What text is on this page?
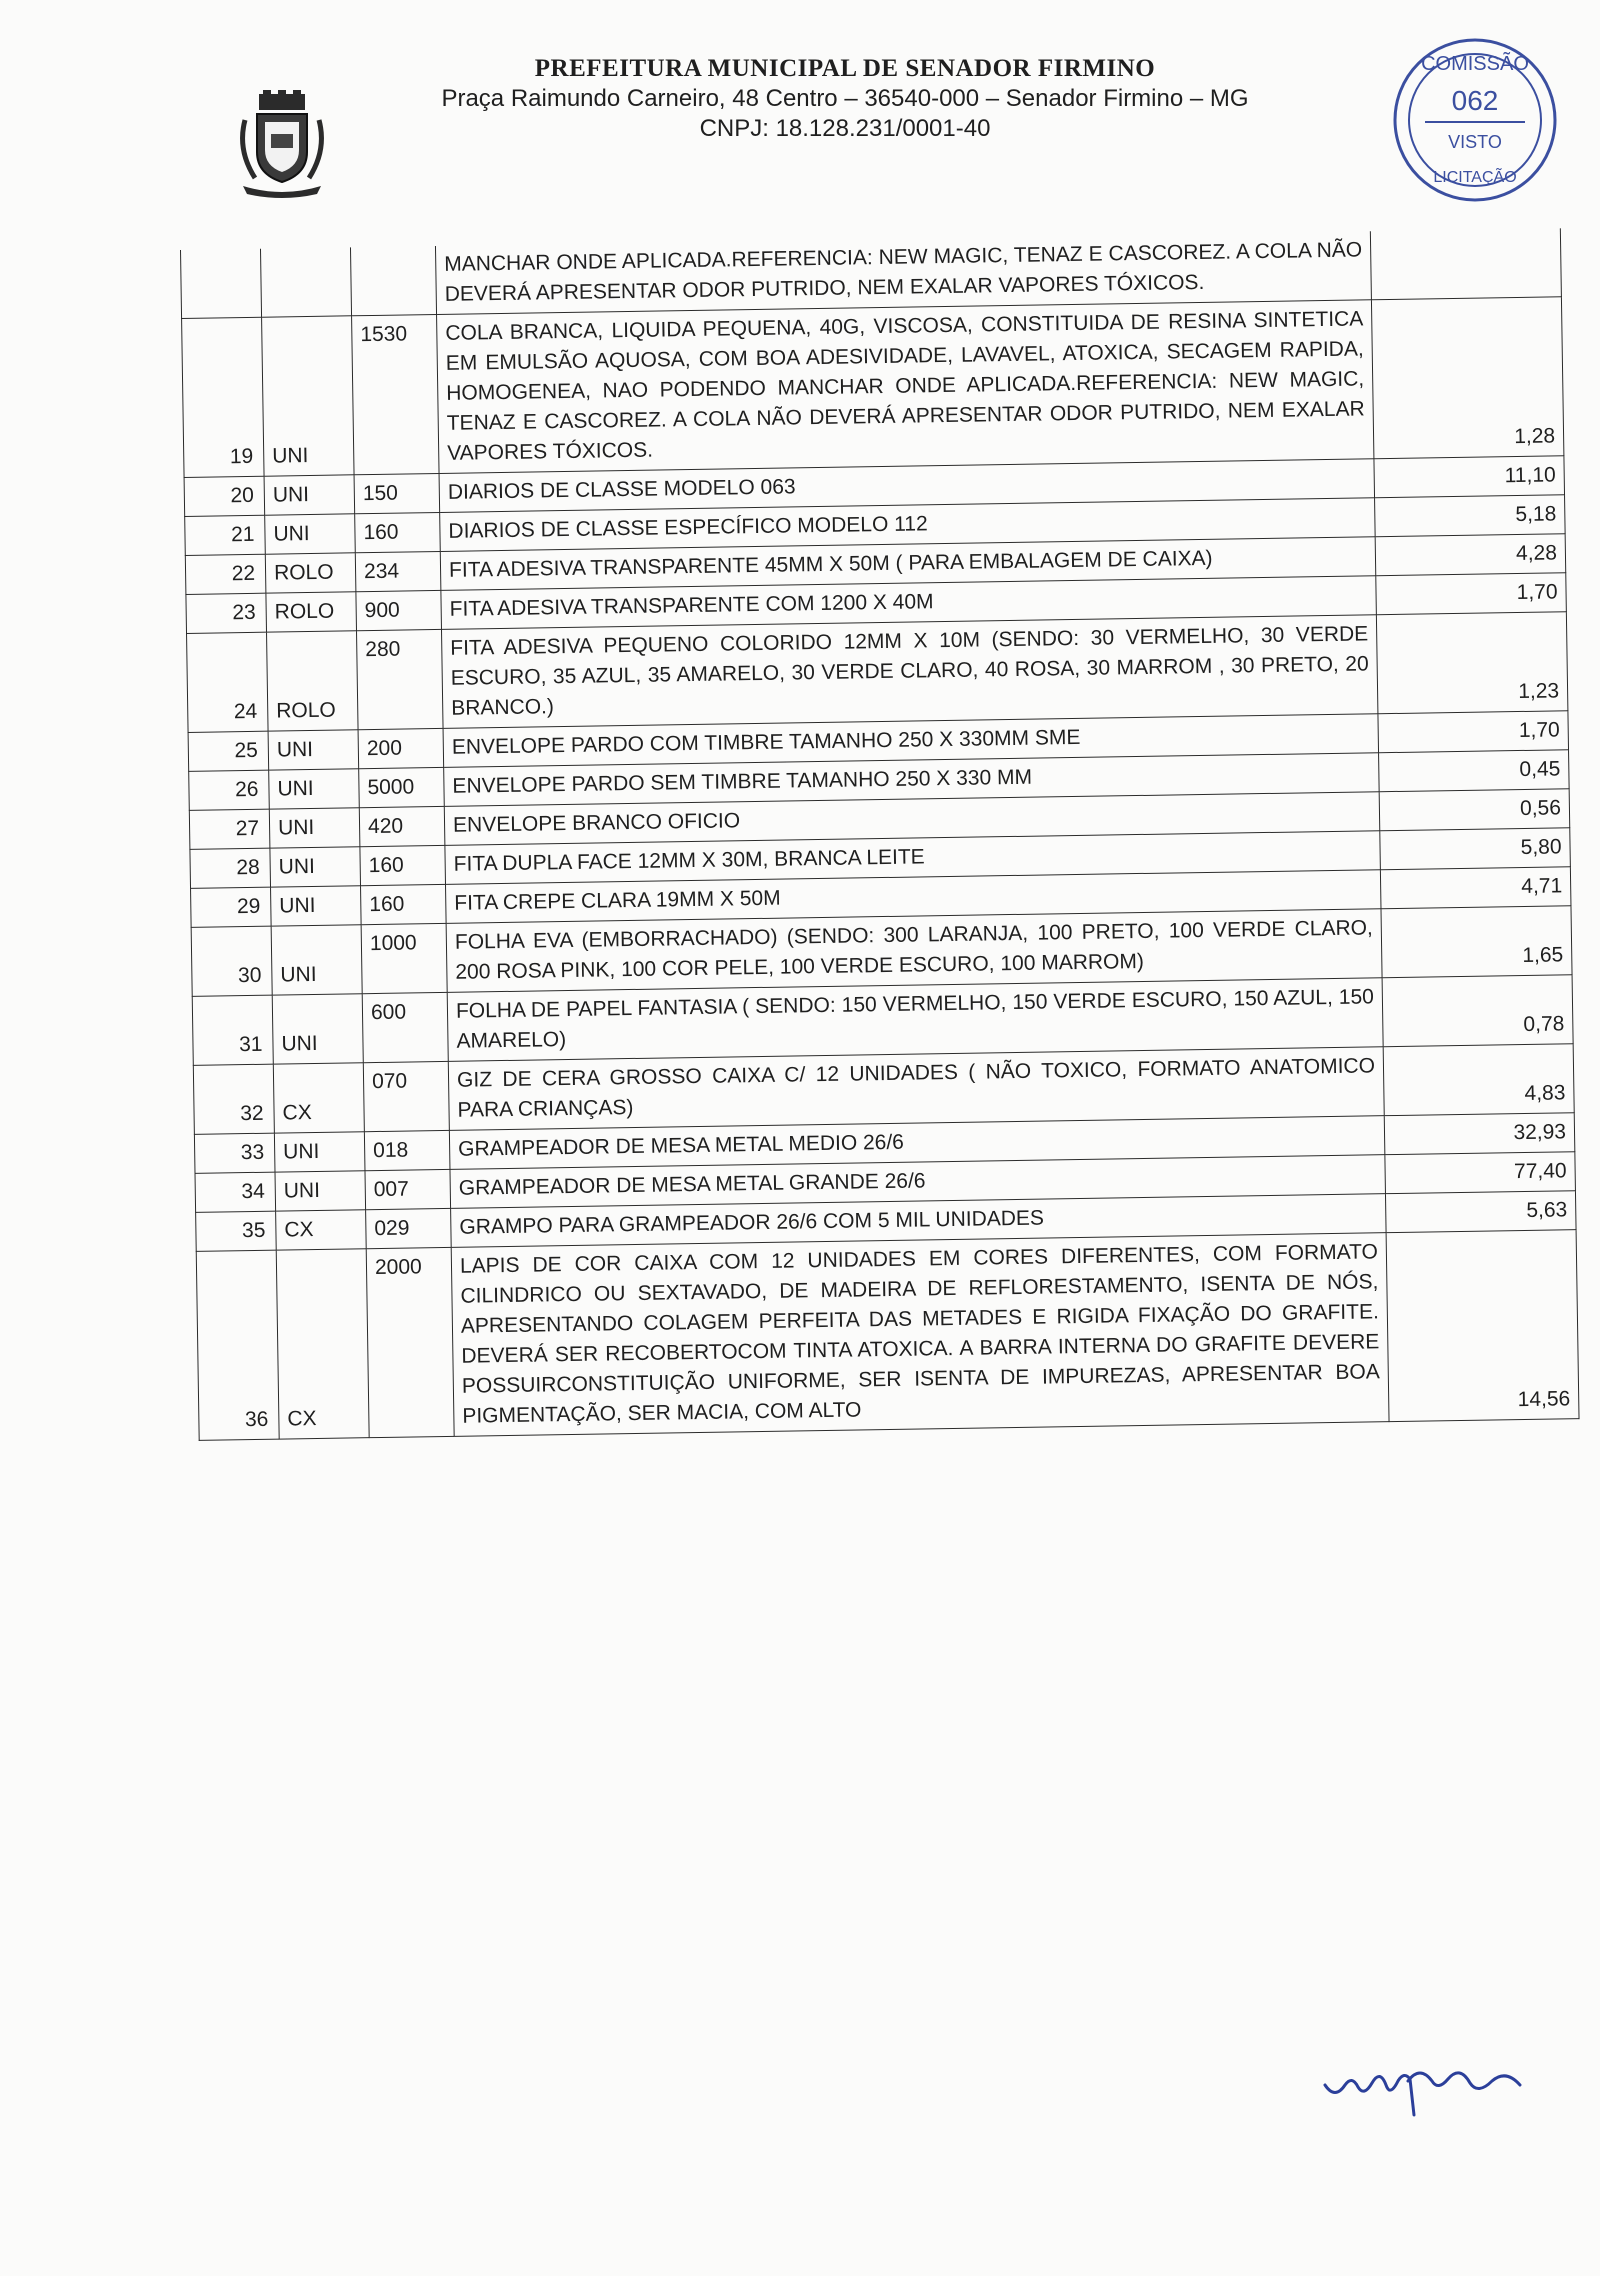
PREFEITURA MUNICIPAL DE SENADOR FIRMINO
Praça Raimundo Carneiro, 48 Centro – 36540-000 – Senador Firmino – MG
CNPJ: 18.128.231/0001-40
COMISSÃO
062
VISTO
LICITAÇÃO
			MANCHAR ONDE APLICADA.REFERENCIA: NEW MAGIC, TENAZ E CASCOREZ. A COLA NÃO DEVERÁ APRESENTAR ODOR PUTRIDO, NEM EXALAR VAPORES TÓXICOS.	
19	UNI	1530	COLA BRANCA, LIQUIDA PEQUENA, 40G, VISCOSA, CONSTITUIDA DE RESINA SINTETICA EM EMULSÃO AQUOSA, COM BOA ADESIVIDADE, LAVAVEL, ATOXICA, SECAGEM RAPIDA, HOMOGENEA, NAO PODENDO MANCHAR ONDE APLICADA.REFERENCIA: NEW MAGIC, TENAZ E CASCOREZ. A COLA NÃO DEVERÁ APRESENTAR ODOR PUTRIDO, NEM EXALAR VAPORES TÓXICOS.	1,28
20	UNI	150	DIARIOS DE CLASSE MODELO 063	11,10
21	UNI	160	DIARIOS DE CLASSE ESPECÍFICO MODELO 112	5,18
22	ROLO	234	FITA ADESIVA TRANSPARENTE 45MM X 50M ( PARA EMBALAGEM DE CAIXA)	4,28
23	ROLO	900	FITA ADESIVA TRANSPARENTE COM 1200 X 40M	1,70
24	ROLO	280	FITA ADESIVA PEQUENO COLORIDO 12MM X 10M (SENDO: 30 VERMELHO, 30 VERDE ESCURO, 35 AZUL, 35 AMARELO, 30 VERDE CLARO, 40 ROSA, 30 MARROM , 30 PRETO, 20 BRANCO.)	1,23
25	UNI	200	ENVELOPE PARDO COM TIMBRE TAMANHO 250 X 330MM SME	1,70
26	UNI	5000	ENVELOPE PARDO SEM TIMBRE TAMANHO 250 X 330 MM	0,45
27	UNI	420	ENVELOPE BRANCO OFICIO	0,56
28	UNI	160	FITA DUPLA FACE 12MM X 30M, BRANCA LEITE	5,80
29	UNI	160	FITA CREPE CLARA 19MM X 50M	4,71
30	UNI	1000	FOLHA EVA (EMBORRACHADO) (SENDO: 300 LARANJA, 100 PRETO, 100 VERDE CLARO, 200 ROSA PINK, 100 COR PELE, 100 VERDE ESCURO, 100 MARROM)	1,65
31	UNI	600	FOLHA DE PAPEL FANTASIA ( SENDO: 150 VERMELHO, 150 VERDE ESCURO, 150 AZUL, 150 AMARELO)	0,78
32	CX	070	GIZ DE CERA GROSSO CAIXA C/ 12 UNIDADES ( NÃO TOXICO, FORMATO ANATOMICO PARA CRIANÇAS)	4,83
33	UNI	018	GRAMPEADOR DE MESA METAL MEDIO 26/6	32,93
34	UNI	007	GRAMPEADOR DE MESA METAL GRANDE 26/6	77,40
35	CX	029	GRAMPO PARA GRAMPEADOR 26/6 COM 5 MIL UNIDADES	5,63
36	CX	2000	LAPIS DE COR CAIXA COM 12 UNIDADES EM CORES DIFERENTES, COM FORMATO CILINDRICO OU SEXTAVADO, DE MADEIRA DE REFLORESTAMENTO, ISENTA DE NÓS, APRESENTANDO COLAGEM PERFEITA DAS METADES E RIGIDA FIXAÇÃO DO GRAFITE. DEVERÁ SER RECOBERTOCOM TINTA ATOXICA. A BARRA INTERNA DO GRAFITE DEVERE POSSUIRCONSTITUIÇÃO UNIFORME, SER ISENTA DE IMPUREZAS, APRESENTAR BOA PIGMENTAÇÃO, SER MACIA, COM ALTO	14,56
